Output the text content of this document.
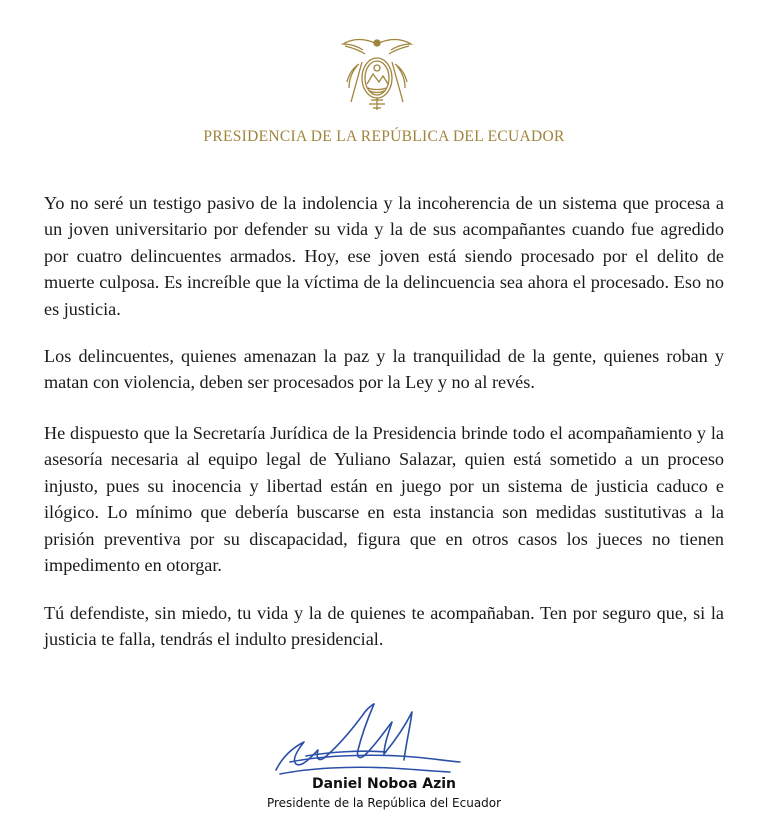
PRESIDENCIA DE LA REPÚBLICA DEL ECUADOR

Yo no seré un testigo pasivo de la indolencia y la incoherencia de un sistema que procesa a un joven universitario por defender su vida y la de sus acompañantes cuando fue agredido por cuatro delincuentes armados. Hoy, ese joven está siendo procesado por el delito de muerte culposa. Es increíble que la víctima de la delincuencia sea ahora el procesado. Eso no es justicia.

Los delincuentes, quienes amenazan la paz y la tranquilidad de la gente, quienes roban y matan con violencia, deben ser procesados por la Ley y no al revés.

He dispuesto que la Secretaría Jurídica de la Presidencia brinde todo el acompañamiento y la asesoría necesaria al equipo legal de Yuliano Salazar, quien está sometido a un proceso injusto, pues su inocencia y libertad están en juego por un sistema de justicia caduco e ilógico. Lo mínimo que debería buscarse en esta instancia son medidas sustitutivas a la prisión preventiva por su discapacidad, figura que en otros casos los jueces no tienen impedimento en otorgar.

Tú defendiste, sin miedo, tu vida y la de quienes te acompañaban. Ten por seguro que, si la justicia te falla, tendrás el indulto presidencial.

Daniel Noboa Azin
Presidente de la República del Ecuador
